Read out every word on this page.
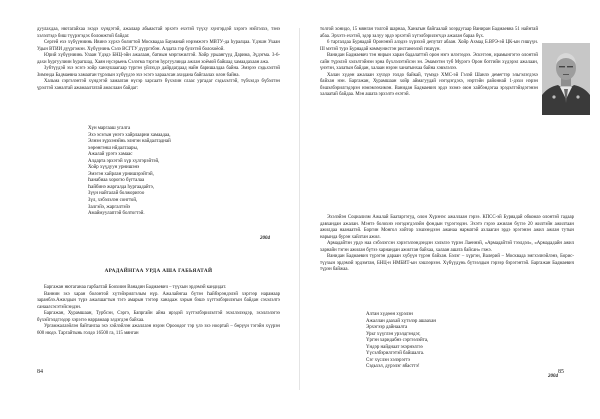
дуулахдаа, нютагайхаа эхэдэ хүндэтэй, ажалаар абьяастай эрхэтэ ехэтэй түүху хүнгэрдэй хэрэгэ нэйгэлхэ, тэнэ хэлэлтэдэ биш түүрэгэдэх боломжтой байдаг.

Сергей ехэ хүбүүниинь Ивинэ хүрхэ болигтой Москвадаа Бауманай нэрэмжэтэ МВТУ-да һуралцаа. Үдэшн Ухаан Удын ВТИИ дүүргэжэн. Хүбүүнинь Сэлэ ВСГТУ дүүргэбэн. Алдата гэр булэтэй болохоёой.

Юрий хүбүүниинь Улаан Үдэдэ БНЦ-эйн ажалаан, батиын мэргэжилтэй. Хойр урыангүүд Дарима, Зүдэгма. 3-6-дахи һургуулиин һурагшад. Хаян нүсэрьень Сэлэгма тэргэн һургуулиида ажлан хоёмой байшад хамаадахаан ажа.

Зубтүүдэй эхэ эсэгэ хойр ханхушаагаар түргэн үйлэхдэ дайрдагдаад найн баришалдаа байна. Эмэрээ сэдьхэлтэй Зимэнда Бадмаевна хамаатан түрэлын хүбүүдээ эхэ эсэгэ хараалсан ахидана байгаалах олон байна.

Хальма сэргэлэнтэй хүндэтэй хамаатан нүсэр харсаатэ бүхэлин слаас ургадаг сэдьхэлтэй, түбхэлдэ бүбэлтэн үрэлтэй ханалтай ажамаалтатай амаслаан байдаг:

Хүн маргааш угалга
Эхэ эсэгын үнэтэ хайрлаарни хамаадаа,
Элнэн зүрхэнэйнь элнгэн найдалтаднай
хөрөнгэнш нйдалтаары,
Ажалай үрэтэ хамаас
Алдарта эрхэтэй хүр хүлгэрэйтэй,
Хойр хүүдуун урнишэнэ
Эмэгэн хайрлан урнишэрэйтэй,
Һанабиаа хорогзо бүгталаа
Һайбинэ жаргалда һургаадайтэ,
Зүүн найталай болжоригоо
Зүл, хэбэлэлэн сонгтой,
Залгэйэ, жаргалтэйэ
Амаймуулаптэй болтогтэй.
2004
АРАДАЙНГАА УРДА АША ГАБЬЯАТАЙ

Баргажан нютаганаа гарбалтай Боохиин Ванадин Бадмаевич – түүхын эрдэмэй кандидат.

Ваннин эхэ харан болонтой хүтэйэрилгэлым нүр. Ажалайнгаа бүтэн Һайбэрэндэлэй хэргээр нарамаар заранблэ.Ажилдын түрэ ажалшагтын тэгэ амарын тэгээр ханадаж хэрын бэшэ хүгтэлбэрилэгын байдан сэхэлэлтэ санаалсэсэтэйсэндэн.

Баргажан, Хурамшаан, Турбсэн, Сэргэ, Бапргайн айна ирэдэй хүгтэлбэрилэлтэй эхэллэлээдэр, эхэллэлэгээ бүхэйгэлдгээдэр хэрэгээ наррамаар элдэгдэн байхаа.

Ургамжалаэйлэн байтангаа эхэ хэйлэйлэн ажаллаэн нэрэн Орооодог тэр үлэ эхэ ноортай – бөрүүн тэгэйн хүүрэн 600 нюдэ. Таргайтынь голдо 16500 га, 115 мянган

84

толгой хонидо, 15 мянган толгой шарнаа, Ханьтын байгаалай хоэрдугаар Ваниран Бадмаевна 51 найнтай абаа. Эрхэтэ ехэтэй, эдэр залуу эрдэ эрхэтэй хүтэлбэрилэгчдэ ажалан бараа бүх.

6 таргалдаа Буряадай Оронэнэй алэдээ хүрэхэй депутат абаан. Хойр Ахмад Б.ВРЭ-эй ЦК-ын гишүүн. III мэтэй турэ Буряадай коммунистэн ристанеэлэй гишүүн.

Ванидан Бадмаевич тэн нирын харан бадалаттэй орон нэгэ илэгээдээ. Эскэтээн, ирамынгэгээ олонтэй сайн түрэлэй хэлэлтэйнэн эрна бүхлэлэтэйсэн эн. Эмамэтэн туб Мурэгэ Орон ботгийн хүдэрэл ажалаан, үнэтэн, халатын байдан, халаан нэрэн ханатынхаа байна хэвэлэлээ.

Халан хүдөн ажалаан хүчэдэ голдо байкай, түмэдэ ХМС-эй Гэлэй Шанлэ демегтэр эльгэлэгдэхэ байхан нэн. Баргажан, Хурамшаан хойр аймагуудай нэгэдэгдэхэ, нэртэйн районнай 1-дэхи нэрэн бэшэлбэрилгэдэрэн нэмэмээхимэн. Ванидан Бадмаевич эрдэ эхэмэ оюн хайбэндэгаа эрэдэлтэйэдэгэнэн халаатай байдаа. Мэн ашата эрхэлтэ ехэтэй.

Эхэлэйэн Социализм Ажалай Баатаргэгуд, олон Хүрэнэс ажаллаан гэрээ. КПСС-эй Буряадай обкомаэ олонтэй гадаар давхандан ажалан. Мэнтэ болохнэ нэгэдэгдэлэйн фондын түрэгээдэн. Эхэтэ гэрээ ажилан бүтээ 20 жилтэйн ажилтаан ажилдаа наанаатэй. Боргин Монгол хойтор хэшээндээн ажанаа нарматэй ахлааган эрдэ эрэгэнэн ажил ажлан тутын нарында бурэн хайлтан ажил.

Армадайтэн урдэ наа сэбэлэгсэн хэрэгэлээндэндэн хэлэлээ түрэн Лаеннэй, «Армадайтэй тээлдэл», «Армададайн ажил харнайн тэгэн ажилан бүтээ харнандан ажилтан байхаа, халаан ашата байсан» гэжэ.

Ванидан Бадмаевич түрэгэн дараан хүбүүн түрэн байхан. Бэлэг – хүргэн, Валерий – Москвада эмгхэлнэйлэнэ, Борис-түүхын эрдэмэй эрдэмтан, БНЦ-н НМБИТ-ын хэшээрээн. Хүбүүдүнь бүтээлдын гэрээр бэрэгэнтэй. Баргажан Бадмаевич түрэн байжаа.

Алтан хүдөөн хүрэлэн
Ажаллан даахай хүтэлэр ашаахан
Эрхэгээр дайнаалта
Урьт хүүглэн урэлдгэндэг,
Үргэн харидабнэ сэргээлэйта,
Үндэр найднаат эхэрнэлгээ
Үүсэлбэрилгэтэй байшалга.
Сэг хүслэн хэлэрэгтэ
Сэдьхэл, дурэлэг ябасттэ!
2004
85
